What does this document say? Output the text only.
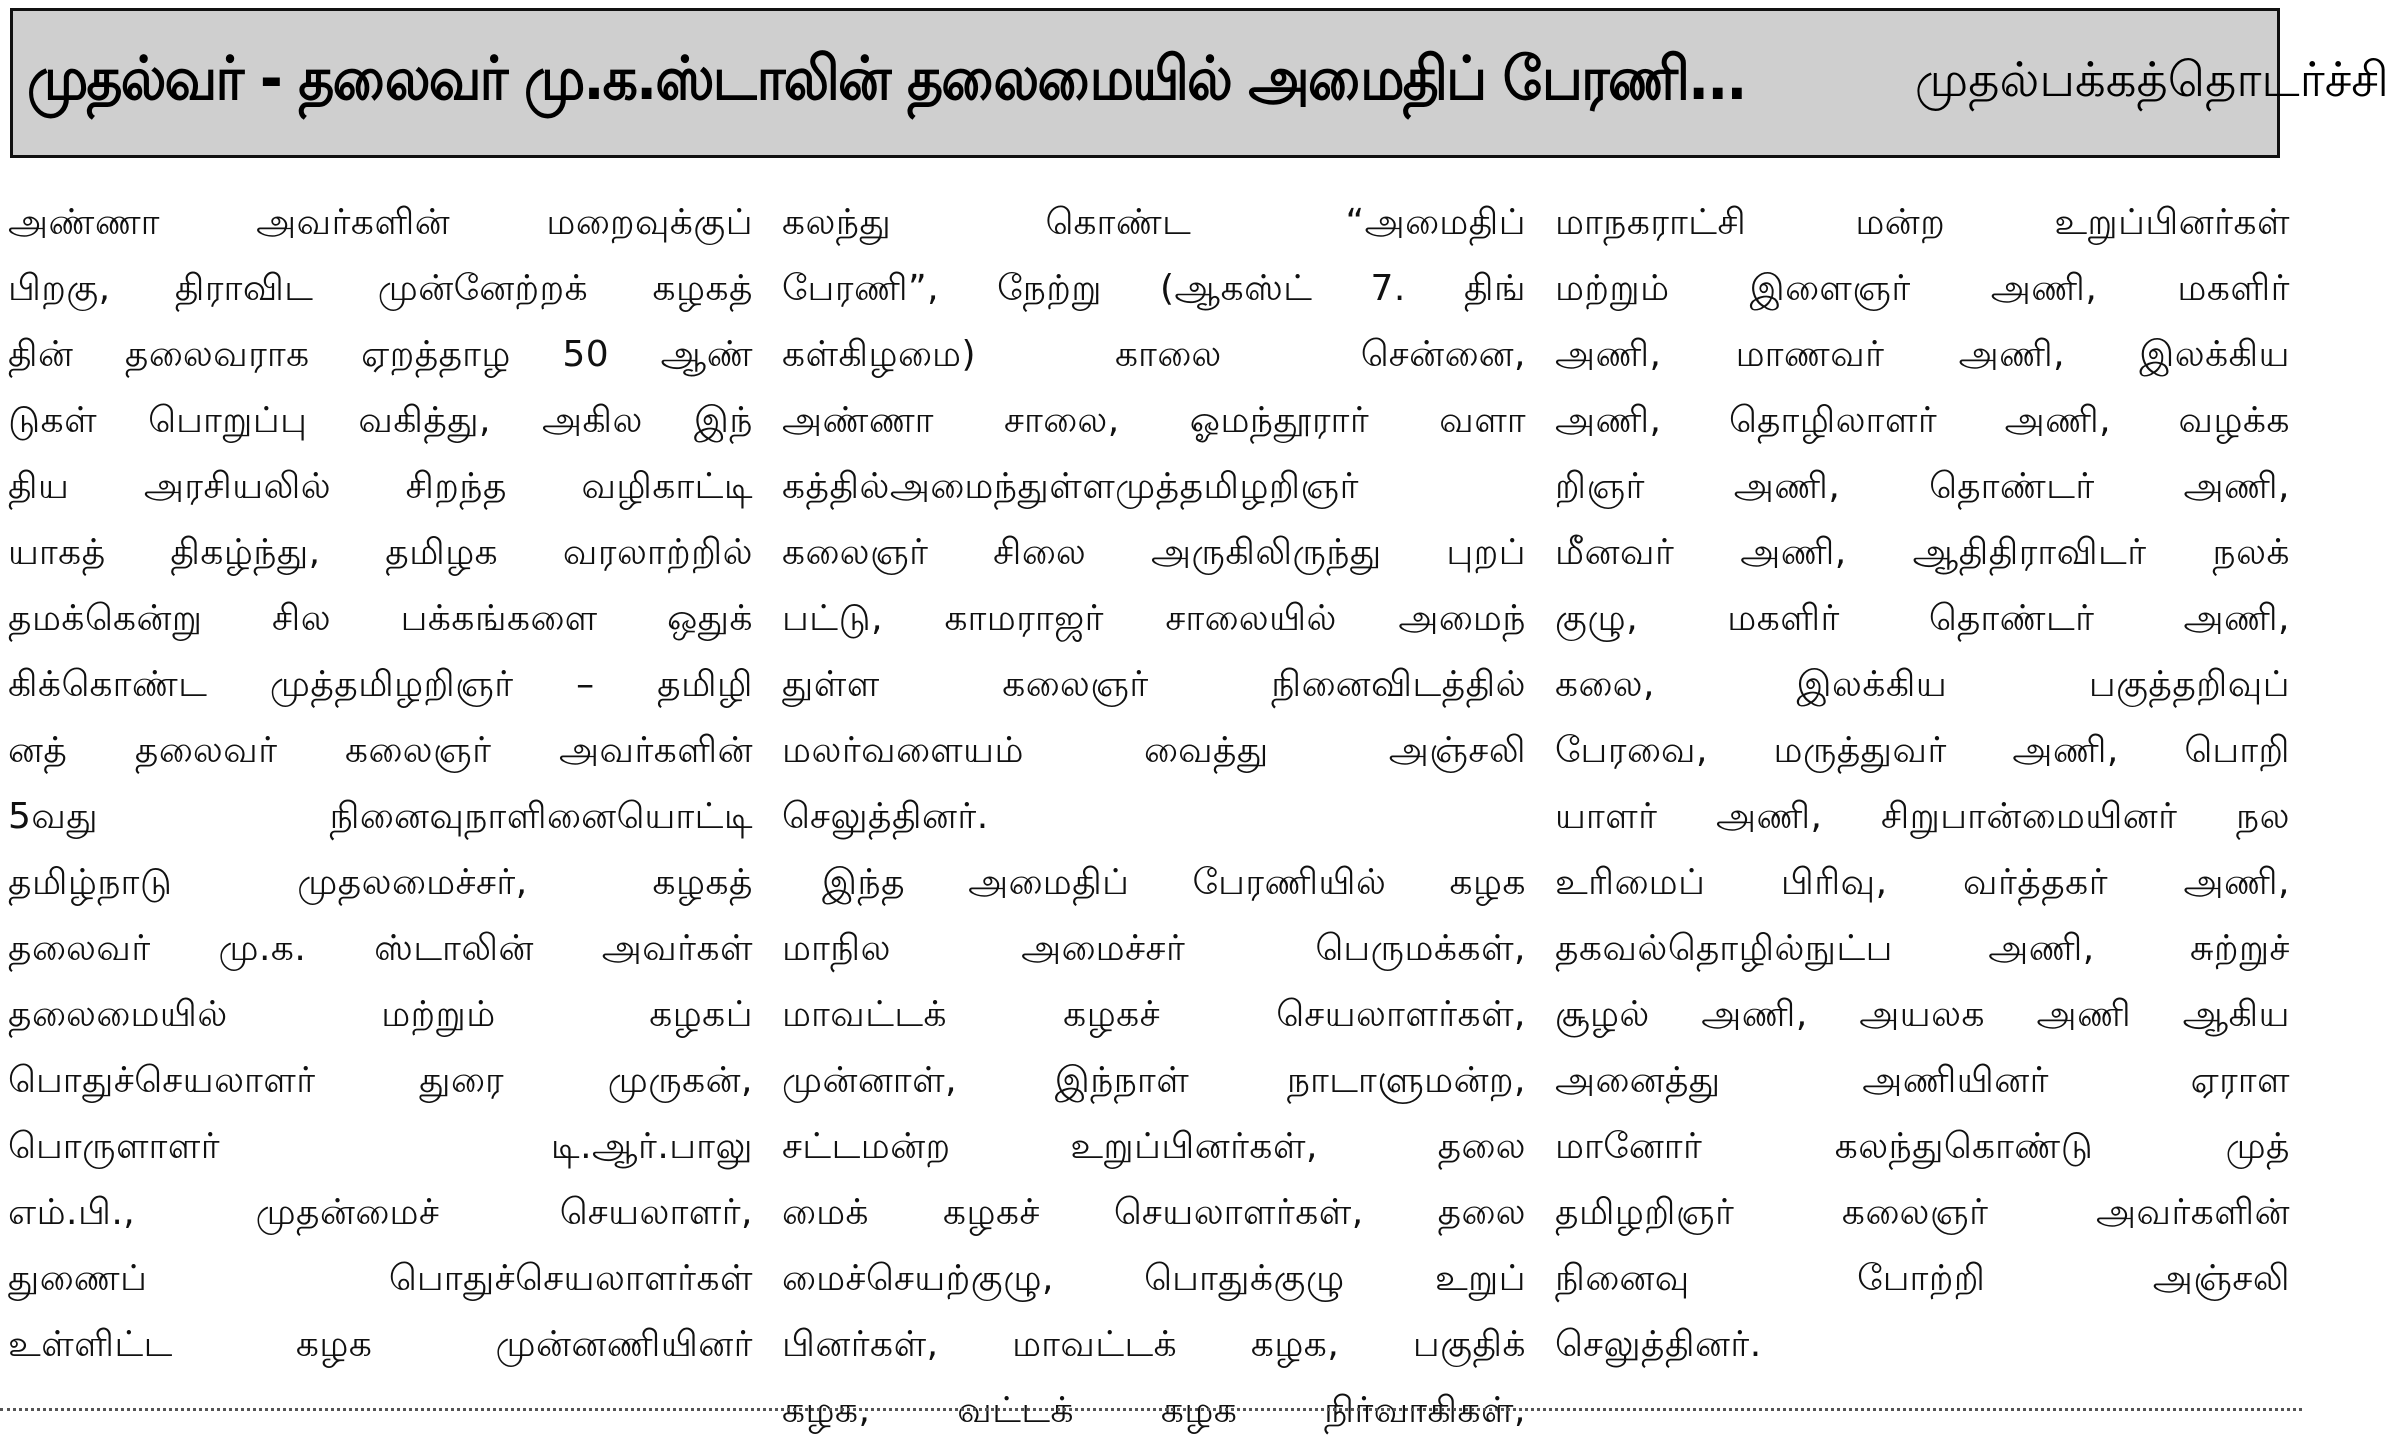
முதல்வர் - தலைவர் மு.க.ஸ்டாலின் தலைமையில் அமைதிப் பேரணி...	முதல்பக்கத்தொடர்ச்சி
அண்ணா அவர்களின் மறைவுக்குப்
பிறகு, திராவிட முன்னேற்றக் கழகத்
தின் தலைவராக ஏறத்தாழ 50 ஆண்
டுகள் பொறுப்பு வகித்து, அகில இந்
திய அரசியலில் சிறந்த வழிகாட்டி
யாகத் திகழ்ந்து, தமிழக வரலாற்றில்
தமக்கென்று சில பக்கங்களை ஒதுக்
கிக்கொண்ட முத்தமிழறிஞர் – தமிழி
னத் தலைவர் கலைஞர் அவர்களின்
5வது நினைவுநாளினையொட்டி
தமிழ்நாடு முதலமைச்சர், கழகத்
தலைவர் மு.க. ஸ்டாலின் அவர்கள்
தலைமையில் மற்றும் கழகப்
பொதுச்செயலாளர் துரை முருகன்,
பொருளாளர் டி.ஆர்.பாலு
எம்.பி., முதன்மைச் செயலாளர்,
துணைப் பொதுச்செயலாளர்கள்
உள்ளிட்ட கழக முன்னணியினர்
கலந்து கொண்ட “அமைதிப்
பேரணி”, நேற்று (ஆகஸ்ட் 7. திங்
கள்கிழமை) காலை சென்னை,
அண்ணா சாலை, ஓமந்தூரார் வளா
கத்தில்அமைந்துள்ளமுத்தமிழறிஞர்
கலைஞர் சிலை அருகிலிருந்து புறப்
பட்டு, காமராஜர் சாலையில் அமைந்
துள்ள கலைஞர் நினைவிடத்தில்
மலர்வளையம் வைத்து அஞ்சலி
செலுத்தினர்.
இந்த அமைதிப் பேரணியில் கழக
மாநில அமைச்சர் பெருமக்கள்,
மாவட்டக் கழகச் செயலாளர்கள்,
முன்னாள், இந்நாள் நாடாளுமன்ற,
சட்டமன்ற உறுப்பினர்கள், தலை
மைக் கழகச் செயலாளர்கள், தலை
மைச்செயற்குழு, பொதுக்குழு உறுப்
பினர்கள், மாவட்டக் கழக, பகுதிக்
கழக, வட்டக் கழக நிர்வாகிகள்,
மாநகராட்சி மன்ற உறுப்பினர்கள்
மற்றும் இளைஞர் அணி, மகளிர்
அணி, மாணவர் அணி, இலக்கிய
அணி, தொழிலாளர் அணி, வழக்க
றிஞர் அணி, தொண்டர் அணி,
மீனவர் அணி, ஆதிதிராவிடர் நலக்
குழு, மகளிர் தொண்டர் அணி,
கலை, இலக்கிய பகுத்தறிவுப்
பேரவை, மருத்துவர் அணி, பொறி
யாளர் அணி, சிறுபான்மையினர் நல
உரிமைப் பிரிவு, வர்த்தகர் அணி,
தகவல்தொழில்நுட்ப அணி, சுற்றுச்
சூழல் அணி, அயலக அணி ஆகிய
அனைத்து அணியினர் ஏராள
மானோர் கலந்துகொண்டு முத்
தமிழறிஞர் கலைஞர் அவர்களின்
நினைவு போற்றி அஞ்சலி
செலுத்தினர்.
